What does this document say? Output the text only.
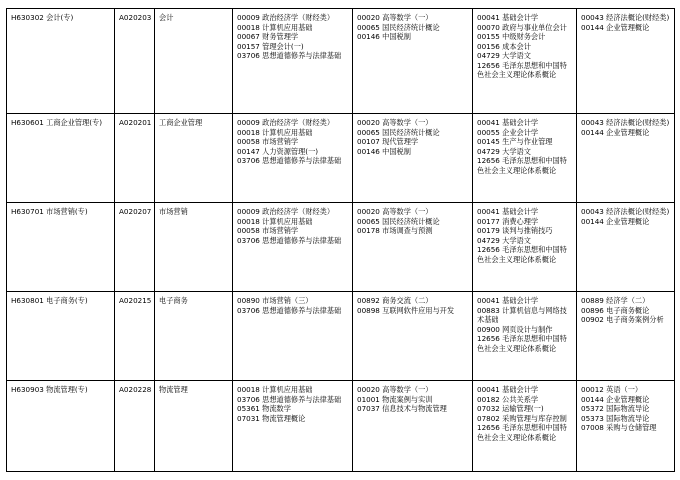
H630302 会计(专)	A020203	会计	00009 政治经济学（财经类）
00018 计算机应用基础
00067 财务管理学
00157 管理会计(一)
03706 思想道德修养与法律基础

00020 高等数学（一）
00065 国民经济统计概论
00146 中国税制

00041 基础会计学
00070 政府与事业单位会计
00155 中级财务会计
00156 成本会计
04729 大学语文
12656 毛泽东思想和中国特色社会主义理论体系概论

00043 经济法概论(财经类)
00144 企业管理概论

H630601 工商企业管理(专)	A020201	工商企业管理	00009 政治经济学（财经类）
00018 计算机应用基础
00058 市场营销学
00147 人力资源管理(一)
03706 思想道德修养与法律基础

00020 高等数学（一）
00065 国民经济统计概论
00107 现代管理学
00146 中国税制

00041 基础会计学
00055 企业会计学
00145 生产与作业管理
04729 大学语文
12656 毛泽东思想和中国特色社会主义理论体系概论

00043 经济法概论(财经类)
00144 企业管理概论

H630701 市场营销(专)	A020207	市场营销	00009 政治经济学（财经类）
00018 计算机应用基础
00058 市场营销学
03706 思想道德修养与法律基础

00020 高等数学（一）
00065 国民经济统计概论
00178 市场调查与预测

00041 基础会计学
00177 消费心理学
00179 谈判与推销技巧
04729 大学语文
12656 毛泽东思想和中国特色社会主义理论体系概论

00043 经济法概论(财经类)
00144 企业管理概论

H630801 电子商务(专)	A020215	电子商务	00890 市场营销（三）
03706 思想道德修养与法律基础

00892 商务交流（二）
00898 互联网软件应用与开发

00041 基础会计学
00883 计算机信息与网络技术基础
00900 网页设计与制作
12656 毛泽东思想和中国特色社会主义理论体系概论

00889 经济学（二）
00896 电子商务概论
00902 电子商务案例分析

H630903 物流管理(专)	A020228	物流管理	00018 计算机应用基础
03706 思想道德修养与法律基础
05361 物流数学
07031 物流管理概论

00020 高等数学（一）
01001 物流案例与实训
07037 信息技术与物流管理

00041 基础会计学
00182 公共关系学
07032 运输管理(一)
07802 采购管理与库存控制
12656 毛泽东思想和中国特色社会主义理论体系概论

00012 英语（一）
00144 企业管理概论
05372 国际物流导论
05373 国际物流导论
07008 采购与仓储管理
